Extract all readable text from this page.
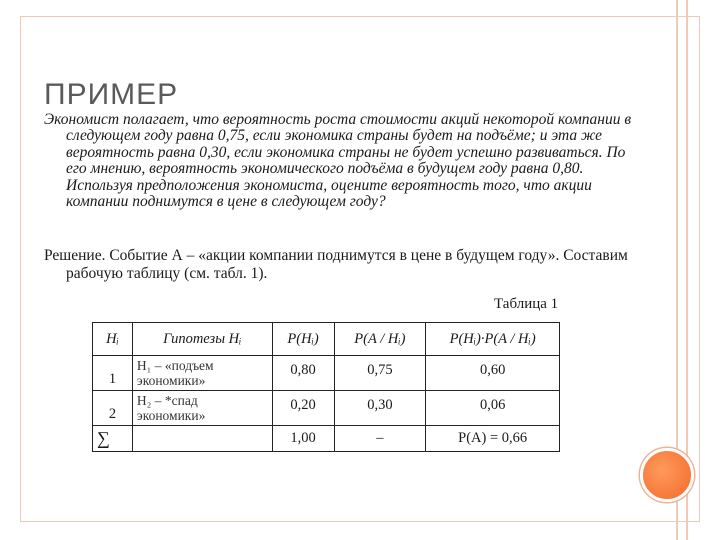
ПРИМЕР

Экономист полагает, что вероятность роста стоимости акций некоторой компании в следующем году равна 0,75, если экономика страны будет на подъёме; и эта же вероятность равна 0,30, если экономика страны не будет успешно развиваться. По его мнению, вероятность экономического подъёма в будущем году равна 0,80. Используя предположения экономиста, оцените вероятность того, что акции компании поднимутся в цене в следующем году?

Решение. Событие А – «акции компании поднимутся в цене в будущем году». Составим рабочую таблицу (см. табл. 1).

Таблица 1
Hᵢ	Гипотезы Hᵢ	P(Hᵢ)	P(A / Hᵢ)	P(Hᵢ)·P(A / Hᵢ)
1	H₁ – «подъем экономики»	0,80	0,75	0,60
2	H₂ – *спад экономики»	0,20	0,30	0,06
∑		1,00	–	P(A) = 0,66
